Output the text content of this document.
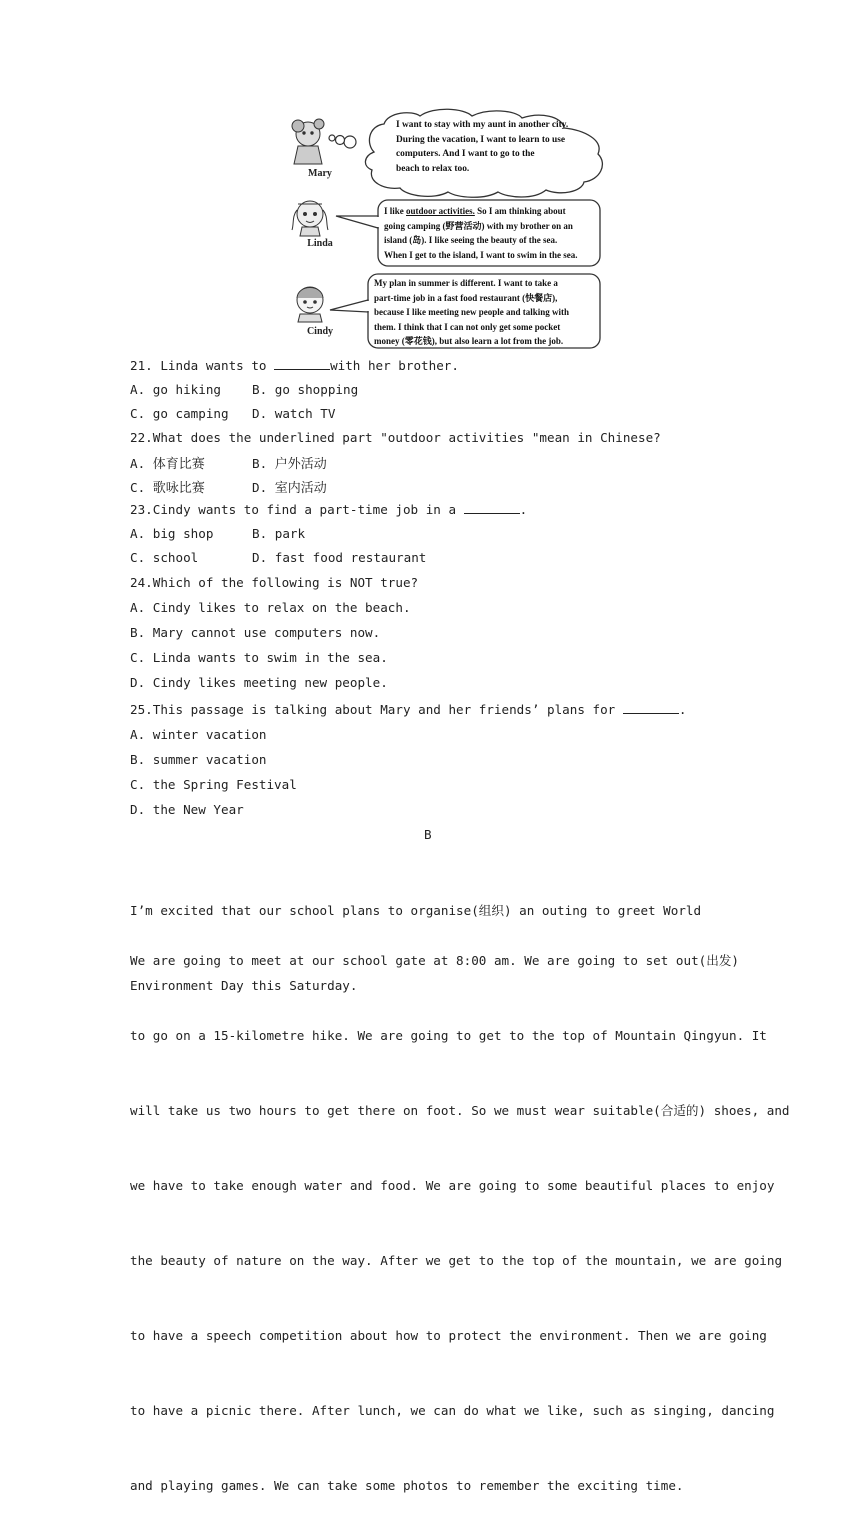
Mary
Linda
Cindy
I want to stay with my aunt in another city.
During the vacation, I want to learn to use
computers. And I want to go to the
beach to relax too.
I like outdoor activities. So I am thinking about
going camping (野营活动) with my brother on an
island (岛). I like seeing the beauty of the sea.
When I get to the island, I want to swim in the sea.
My plan in summer is different. I want to take a
part-time job in a fast food restaurant (快餐店),
because I like meeting new people and talking with
them. I think that I can not only get some pocket
money (零花钱), but also learn a lot from the job.
21. Linda wants to	with her brother.
A. go hiking B. go shopping
C. go camping D. watch TV
22.What does the underlined part "outdoor activities "mean in Chinese?
A. 体育比赛	B. 户外活动
C. 歌咏比赛	D. 室内活动
23.Cindy wants to find a part-time job in a	.
A. big shop	B. park
C. school	D. fast food restaurant
24.Which of the following is NOT true?
A. Cindy likes to relax on the beach.
B. Mary cannot use computers now.
C. Linda wants to swim in the sea.
D. Cindy likes meeting new people.
25.This passage is talking about Mary and her friends’ plans for	.
A. winter vacation
B. summer vacation
C. the Spring Festival
D. the New Year
B

I’m excited that our school plans to organise(组织) an outing to greet World

Environment Day this Saturday.

We are going to meet at our school gate at 8:00 am. We are going to set out(出发)

to go on a 15-kilometre hike. We are going to get to the top of Mountain Qingyun. It

will take us two hours to get there on foot. So we must wear suitable(合适的) shoes, and

we have to take enough water and food. We are going to some beautiful places to enjoy

the beauty of nature on the way. After we get to the top of the mountain, we are going

to have a speech competition about how to protect the environment. Then we are going

to have a picnic there. After lunch, we can do what we like, such as singing, dancing

and playing games. We can take some photos to remember the exciting time.
